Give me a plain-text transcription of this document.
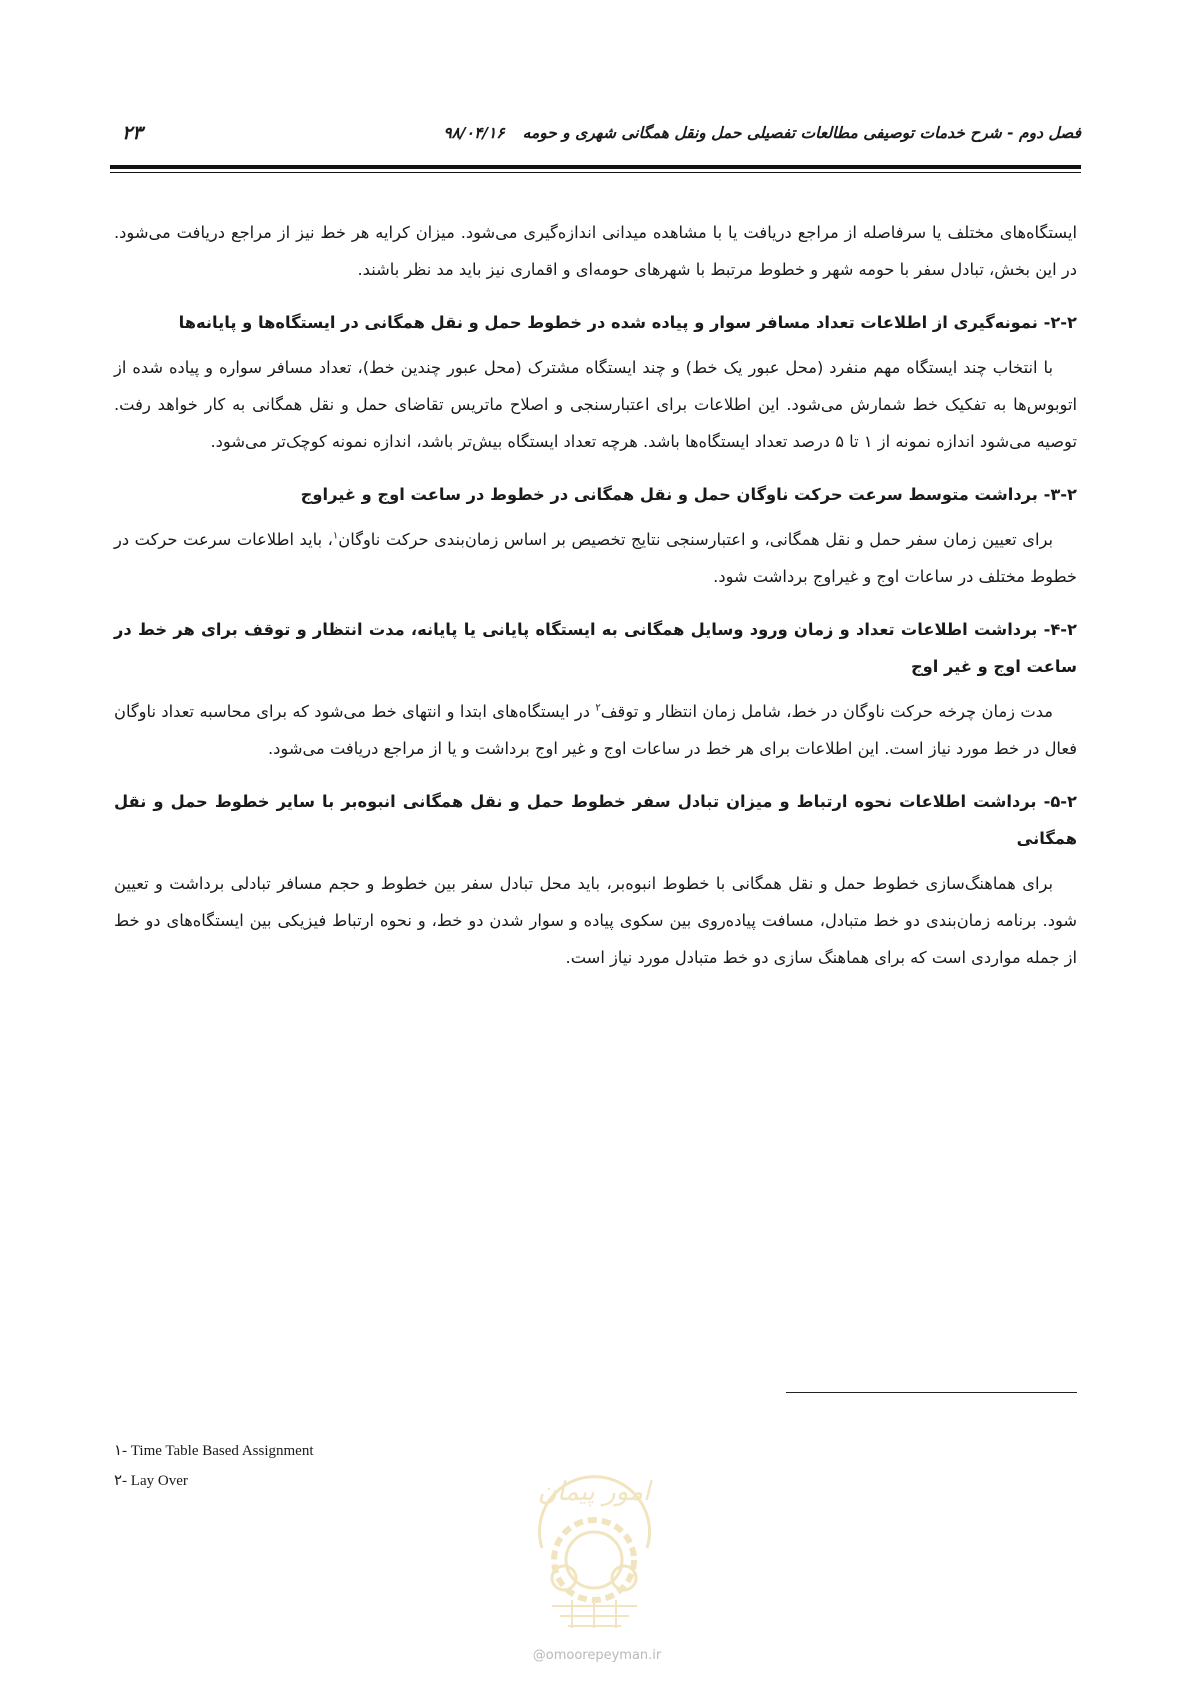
فصل دوم - شرح خدمات توصیفی مطالعات تفصیلی حمل ونقل همگانی شهری و حومه۹۸/۰۴/۱۶
۲۳

ایستگاه‌های مختلف یا سرفاصله از مراجع دریافت یا با مشاهده میدانی اندازه‌گیری می‌شود. میزان کرایه هر خط نیز از مراجع دریافت می‌شود. در این بخش، تبادل سفر با حومه شهر و خطوط مرتبط با شهرهای حومه‌ای و اقماری نیز باید مد نظر باشند.

۲-۲- نمونه‌گیری از اطلاعات تعداد مسافر سوار و پیاده شده در خطوط حمل و نقل همگانی در ایستگاه‌ها و پایانه‌ها

با انتخاب چند ایستگاه مهم منفرد (محل عبور یک خط) و چند ایستگاه مشترک (محل عبور چندین خط)، تعداد مسافر سواره و پیاده شده از اتوبوس‌ها به تفکیک خط شمارش می‌شود. این اطلاعات برای اعتبارسنجی و اصلاح ماتریس تقاضای حمل و نقل همگانی به کار خواهد رفت. توصیه می‌شود اندازه نمونه از ۱ تا ۵ درصد تعداد ایستگاه‌ها باشد. هرچه تعداد ایستگاه بیش‌تر باشد، اندازه نمونه کوچک‌تر می‌شود.

۳-۲- برداشت متوسط سرعت حرکت ناوگان حمل و نقل همگانی در خطوط در ساعت اوج و غیراوج

برای تعیین زمان سفر حمل و نقل همگانی، و اعتبارسنجی نتایج تخصیص بر اساس زمان‌بندی حرکت ناوگان$^۱$، باید اطلاعات سرعت حرکت در خطوط مختلف در ساعات اوج و غیراوج برداشت شود.

۴-۲- برداشت اطلاعات تعداد و زمان ورود وسایل همگانی به ایستگاه پایانی یا پایانه، مدت انتظار و توقف برای هر خط در ساعت اوج و غیر اوج

مدت زمان چرخه حرکت ناوگان در خط، شامل زمان انتظار و توقف$^۲$ در ایستگاه‌های ابتدا و انتهای خط می‌شود که برای محاسبه تعداد ناوگان فعال در خط مورد نیاز است. این اطلاعات برای هر خط در ساعات اوج و غیر اوج برداشت و یا از مراجع دریافت می‌شود.

۵-۲- برداشت اطلاعات نحوه ارتباط و میزان تبادل سفر خطوط حمل و نقل همگانی انبوه‌بر با سایر خطوط حمل و نقل همگانی

برای هماهنگ‌سازی خطوط حمل و نقل همگانی با خطوط انبوه‌بر، باید محل تبادل سفر بین خطوط و حجم مسافر تبادلی برداشت و تعیین شود. برنامه زمان‌بندی دو خط متبادل، مسافت پیاده‌روی بین سکوی پیاده و سوار شدن دو خط، و نحوه ارتباط فیزیکی بین ایستگاه‌های دو خط از جمله مواردی است که برای هماهنگ سازی دو خط متبادل مورد نیاز است.

۱- Time Table Based Assignment
۲- Lay Over	امور پیمان
@omoorepeyman.ir
